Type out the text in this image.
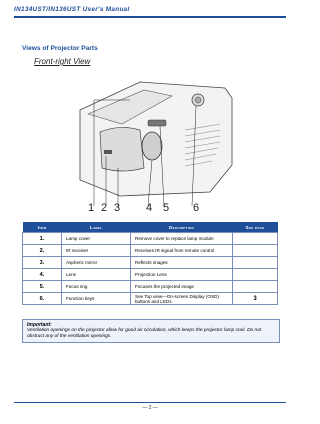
IN134UST/IN136UST User's Manual
Views of Projector Parts
Front-right View
1 2 3 4 5 6
Item	Label	Description	See page
1.	Lamp cover	Remove cover to replace lamp module	
2.	IR receiver	Receives IR signal from remote control	
3.	Aspheric mirror	Reflects images	
4.	Lens	Projection Lens	
5.	Focus ring	Focuses the projected image	
6.	Function keys	See Top view—On-screen Display (OSD) buttons and LEDs.	3
Important:
Ventilation openings on the projector allow for good air circulation, which keeps the projector lamp cool. Do not obstruct any of the ventilation openings.
— 2 —
